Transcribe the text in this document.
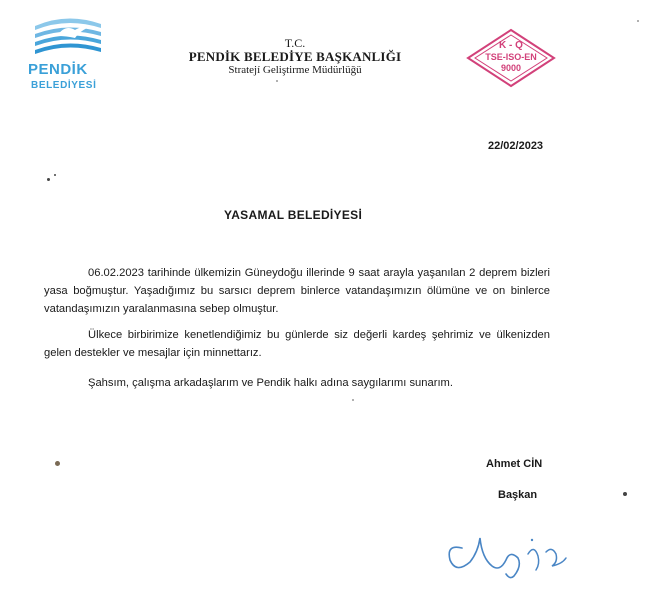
PENDİK
BELEDİYESİ
T.C.
PENDİK BELEDİYE BAŞKANLIĞI
Stratejí Geliştirme Müdürlüğü
K - Q
TSE-ISO-EN
9000
22/02/2023
YASAMAL BELEDİYESİ
06.02.2023 tarihinde ülkemizin Güneydoğu illerinde 9 saat arayla yaşanılan 2 deprem bizleri yasa boğmuştur. Yaşadığımız bu sarsıcı deprem binlerce vatandaşımızın ölümüne ve on binlerce vatandaşımızın yaralanmasına sebep olmuştur.
Ülkece birbirimize kenetlendiğimiz bu günlerde siz değerli kardeş şehrimiz ve ülkenizden gelen destekler ve mesajlar için minnettarız.
Şahsım, çalışma arkadaşlarım ve Pendik halkı adına saygılarımı sunarım.
Ahmet CİN
Başkan
